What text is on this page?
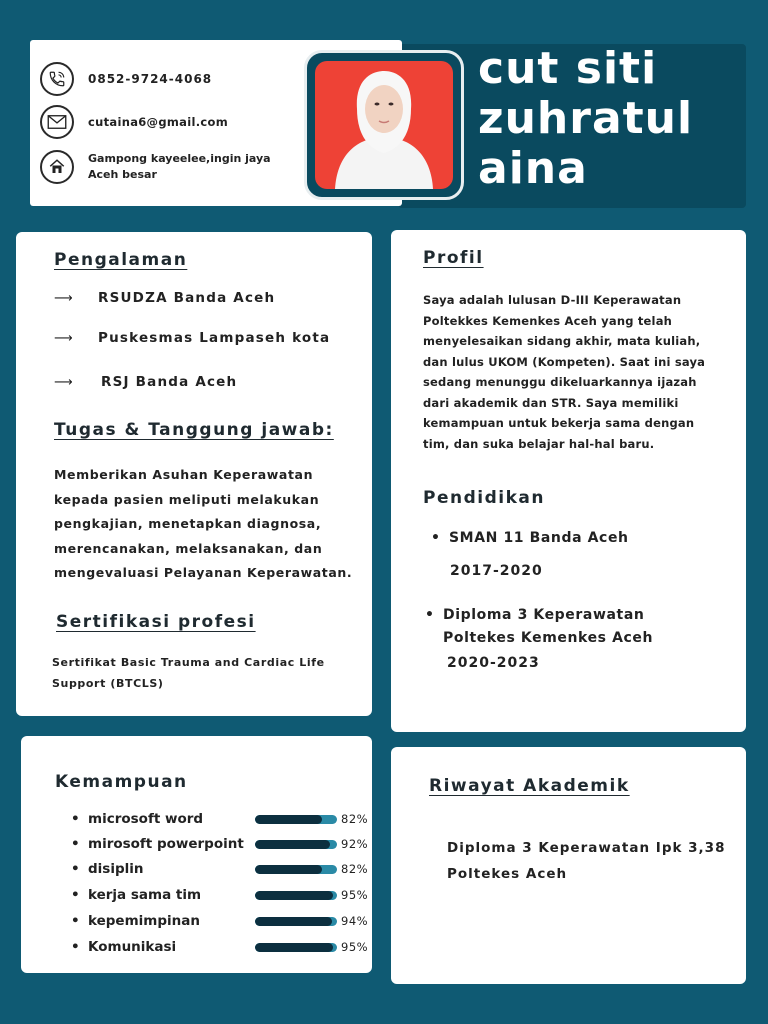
0852-9724-4068
cutaina6@gmail.com
Gampong kayeelee,ingin jaya
Aceh besar
cut siti
zuhratul
aina
Pengalaman
⟶	RSUDZA Banda Aceh
⟶	Puskesmas Lampaseh kota
⟶	RSJ Banda Aceh
Tugas & Tanggung jawab:
Memberikan Asuhan Keperawatan
kepada pasien meliputi melakukan
pengkajian, menetapkan diagnosa,
merencanakan, melaksanakan, dan
mengevaluasi Pelayanan Keperawatan.
Sertifikasi profesi
Sertifikat Basic Trauma and Cardiac Life
Support (BTCLS)
Profil
Saya adalah lulusan D-III Keperawatan
Poltekkes Kemenkes Aceh yang telah
menyelesaikan sidang akhir, mata kuliah,
dan lulus UKOM (Kompeten). Saat ini saya
sedang menunggu dikeluarkannya ijazah
dari akademik dan STR. Saya memiliki
kemampuan untuk bekerja sama dengan
tim, dan suka belajar hal-hal baru.
Pendidikan
• SMAN 11 Banda Aceh
2017-2020
• Diploma 3 Keperawatan
Poltekes Kemenkes Aceh
2020-2023
Kemampuan
• microsoft word	82%
• mirosoft powerpoint	92%
• disiplin	82%
• kerja sama tim	95%
• kepemimpinan	94%
• Komunikasi	95%
Riwayat Akademik
Diploma 3 Keperawatan Ipk 3,38
Poltekes Aceh
